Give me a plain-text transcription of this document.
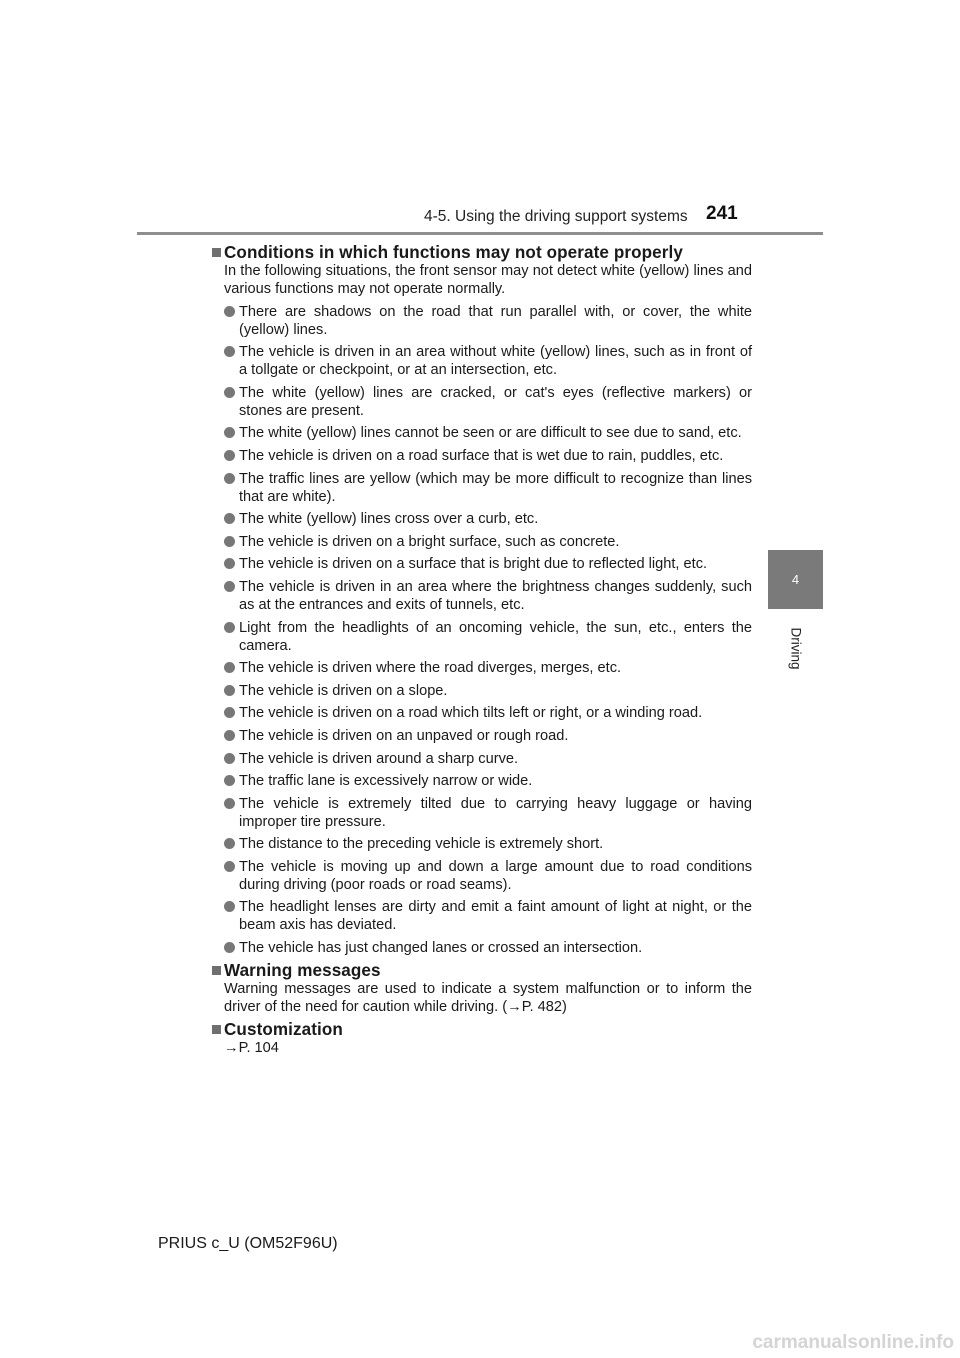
4-5. Using the driving support systems 241
4
Driving
Conditions in which functions may not operate properly

In the following situations, the front sensor may not detect white (yellow) lines and various functions may not operate normally.

There are shadows on the road that run parallel with, or cover, the white (yellow) lines.
The vehicle is driven in an area without white (yellow) lines, such as in front of a tollgate or checkpoint, or at an intersection, etc.
The white (yellow) lines are cracked, or cat's eyes (reflective markers) or stones are present.
The white (yellow) lines cannot be seen or are difficult to see due to sand, etc.
The vehicle is driven on a road surface that is wet due to rain, puddles, etc.
The traffic lines are yellow (which may be more difficult to recognize than lines that are white).
The white (yellow) lines cross over a curb, etc.
The vehicle is driven on a bright surface, such as concrete.
The vehicle is driven on a surface that is bright due to reflected light, etc.
The vehicle is driven in an area where the brightness changes suddenly, such as at the entrances and exits of tunnels, etc.
Light from the headlights of an oncoming vehicle, the sun, etc., enters the camera.
The vehicle is driven where the road diverges, merges, etc.
The vehicle is driven on a slope.
The vehicle is driven on a road which tilts left or right, or a winding road.
The vehicle is driven on an unpaved or rough road.
The vehicle is driven around a sharp curve.
The traffic lane is excessively narrow or wide.
The vehicle is extremely tilted due to carrying heavy luggage or having improper tire pressure.
The distance to the preceding vehicle is extremely short.
The vehicle is moving up and down a large amount due to road conditions during driving (poor roads or road seams).
The headlight lenses are dirty and emit a faint amount of light at night, or the beam axis has deviated.
The vehicle has just changed lanes or crossed an intersection.
Warning messages

Warning messages are used to indicate a system malfunction or to inform the driver of the need for caution while driving. (→P. 482)

Customization

→P. 104

PRIUS c_U (OM52F96U)
carmanualsonline.info
